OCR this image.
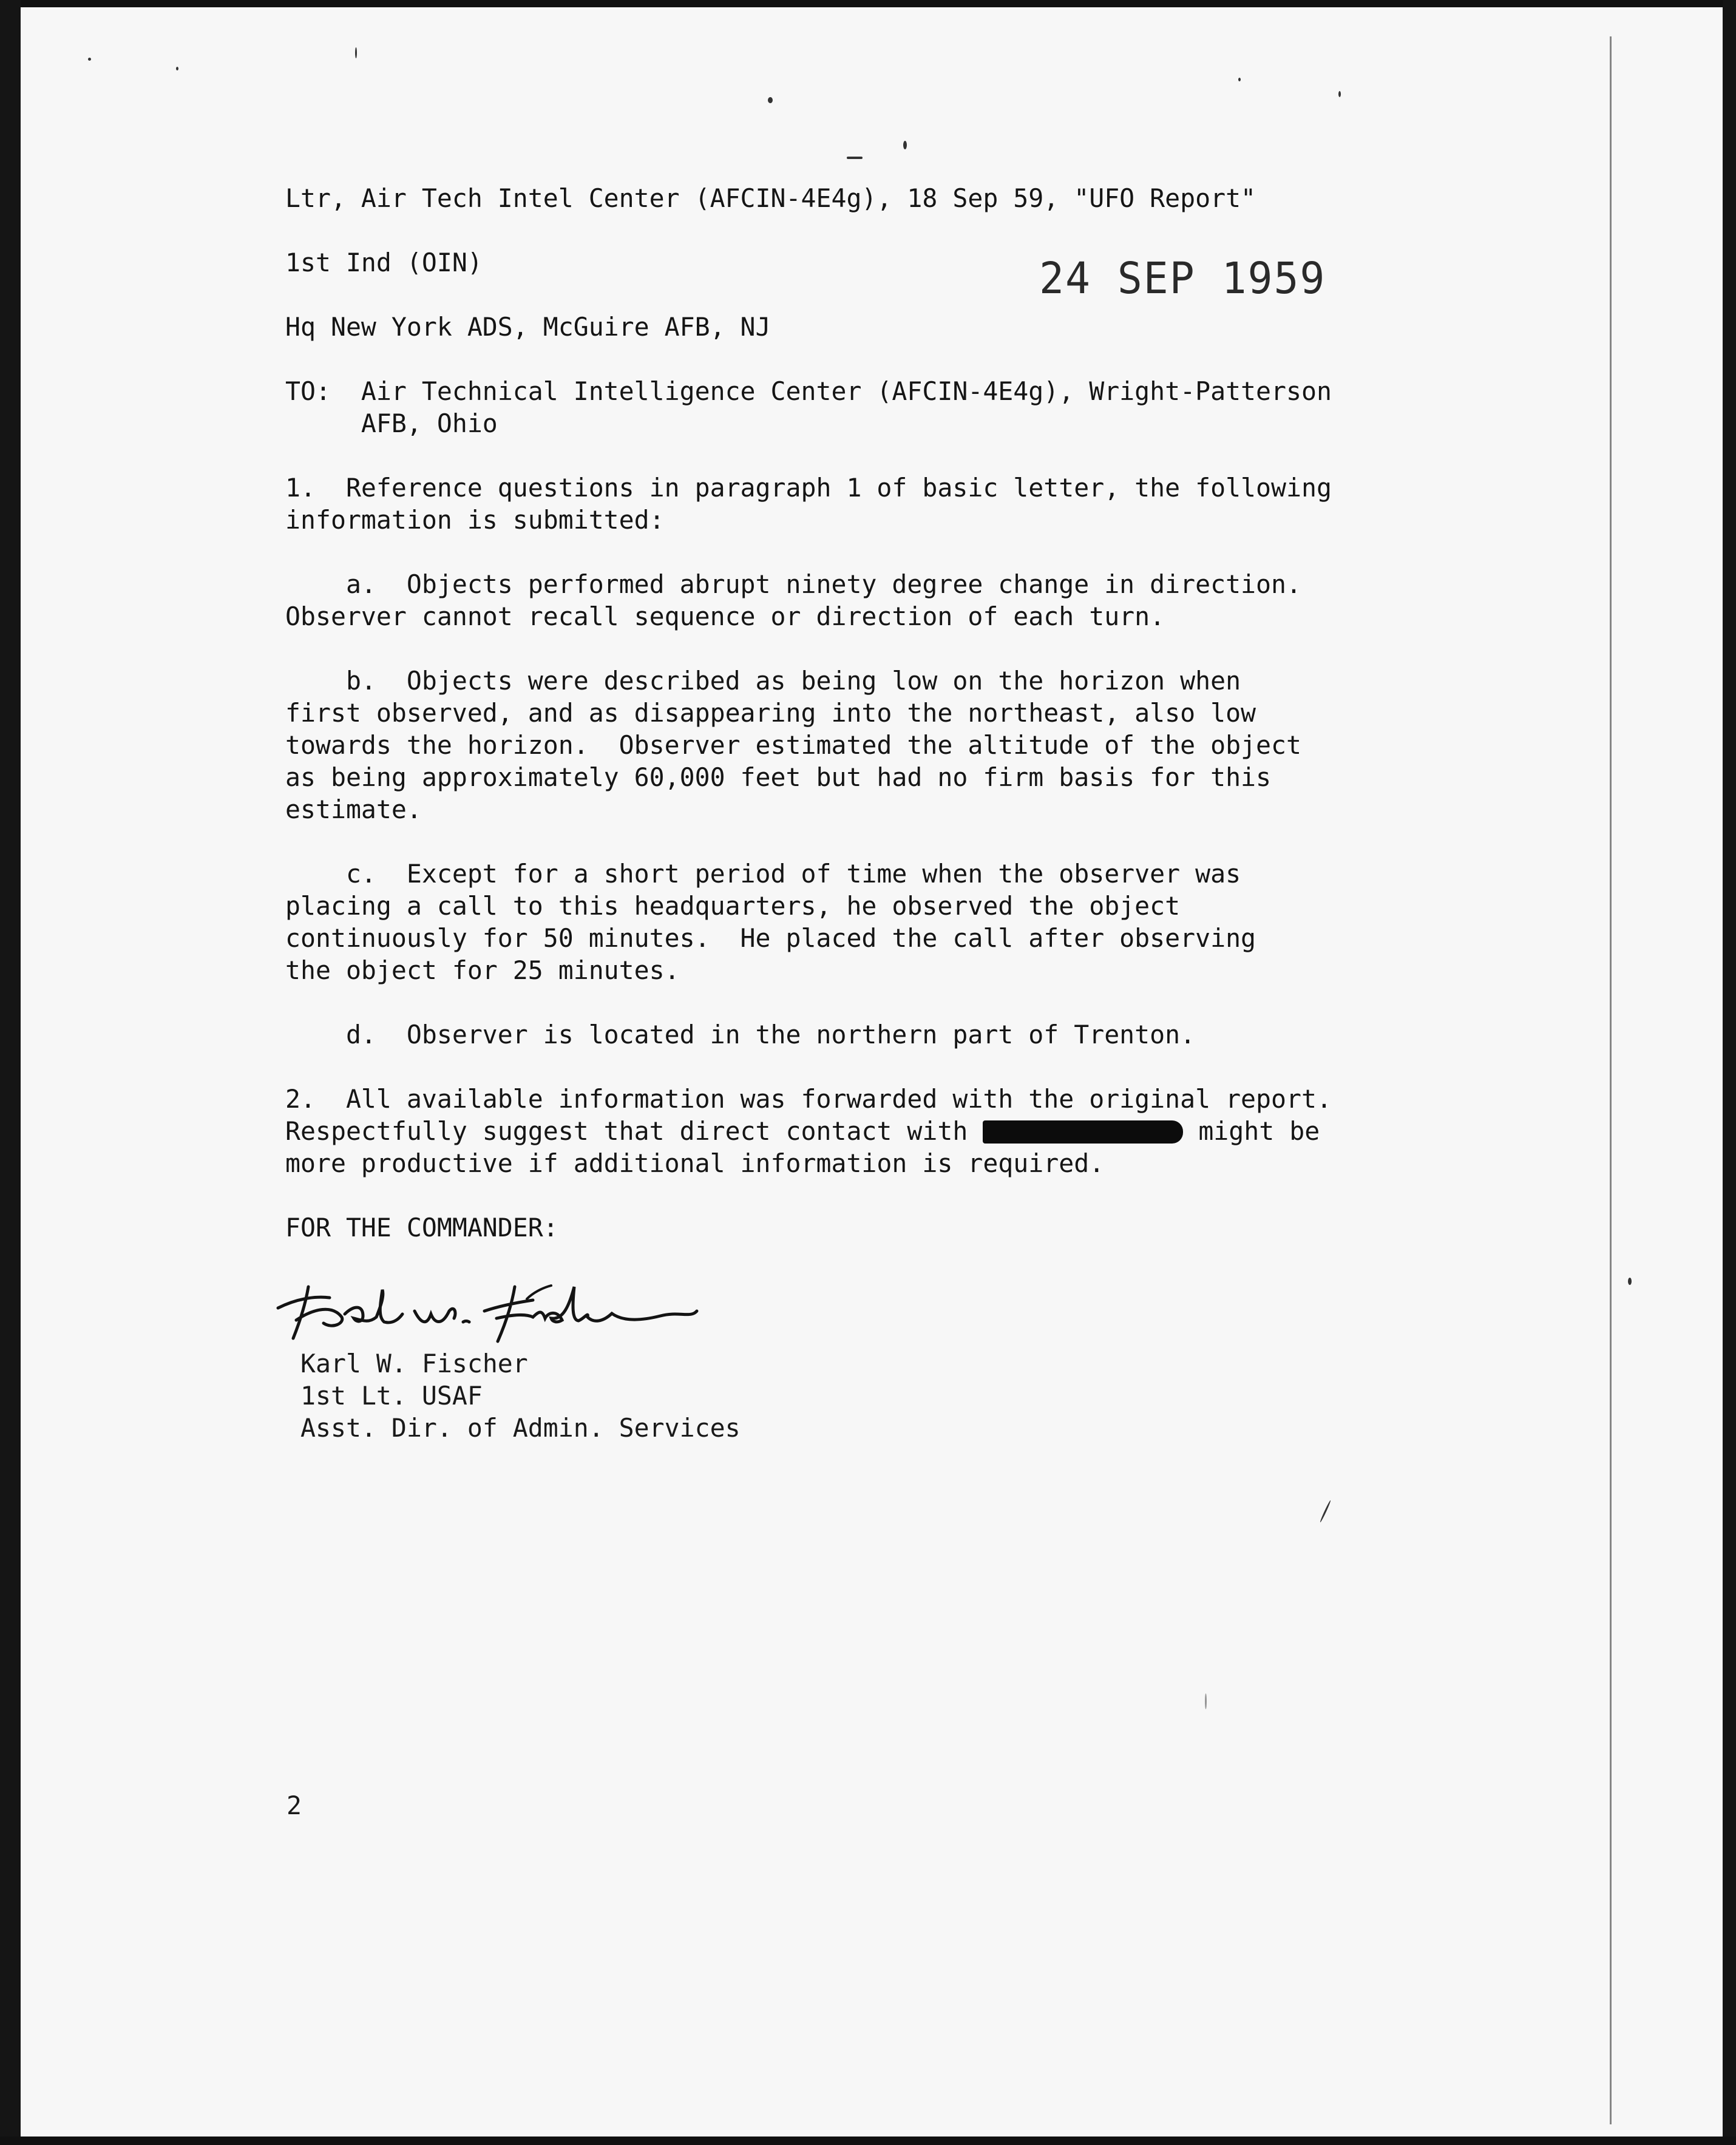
24 SEP 1959
Ltr, Air Tech Intel Center (AFCIN-4E4g), 18 Sep 59, "UFO Report"
1st Ind (OIN)
Hq New York ADS, McGuire AFB, NJ
TO:  Air Technical Intelligence Center (AFCIN-4E4g), Wright-Patterson
AFB, Ohio
1.  Reference questions in paragraph 1 of basic letter, the following
information is submitted:
a.  Objects performed abrupt ninety degree change in direction.
Observer cannot recall sequence or direction of each turn.
b.  Objects were described as being low on the horizon when
first observed, and as disappearing into the northeast, also low
towards the horizon.  Observer estimated the altitude of the object
as being approximately 60,000 feet but had no firm basis for this
estimate.
c.  Except for a short period of time when the observer was
placing a call to this headquarters, he observed the object
continuously for 50 minutes.  He placed the call after observing
the object for 25 minutes.
d.  Observer is located in the northern part of Trenton.
2.  All available information was forwarded with the original report.
Respectfully suggest that direct contact with	might be
more productive if additional information is required.
FOR THE COMMANDER:
Karl W. Fischer
1st Lt. USAF
Asst. Dir. of Admin. Services
2
